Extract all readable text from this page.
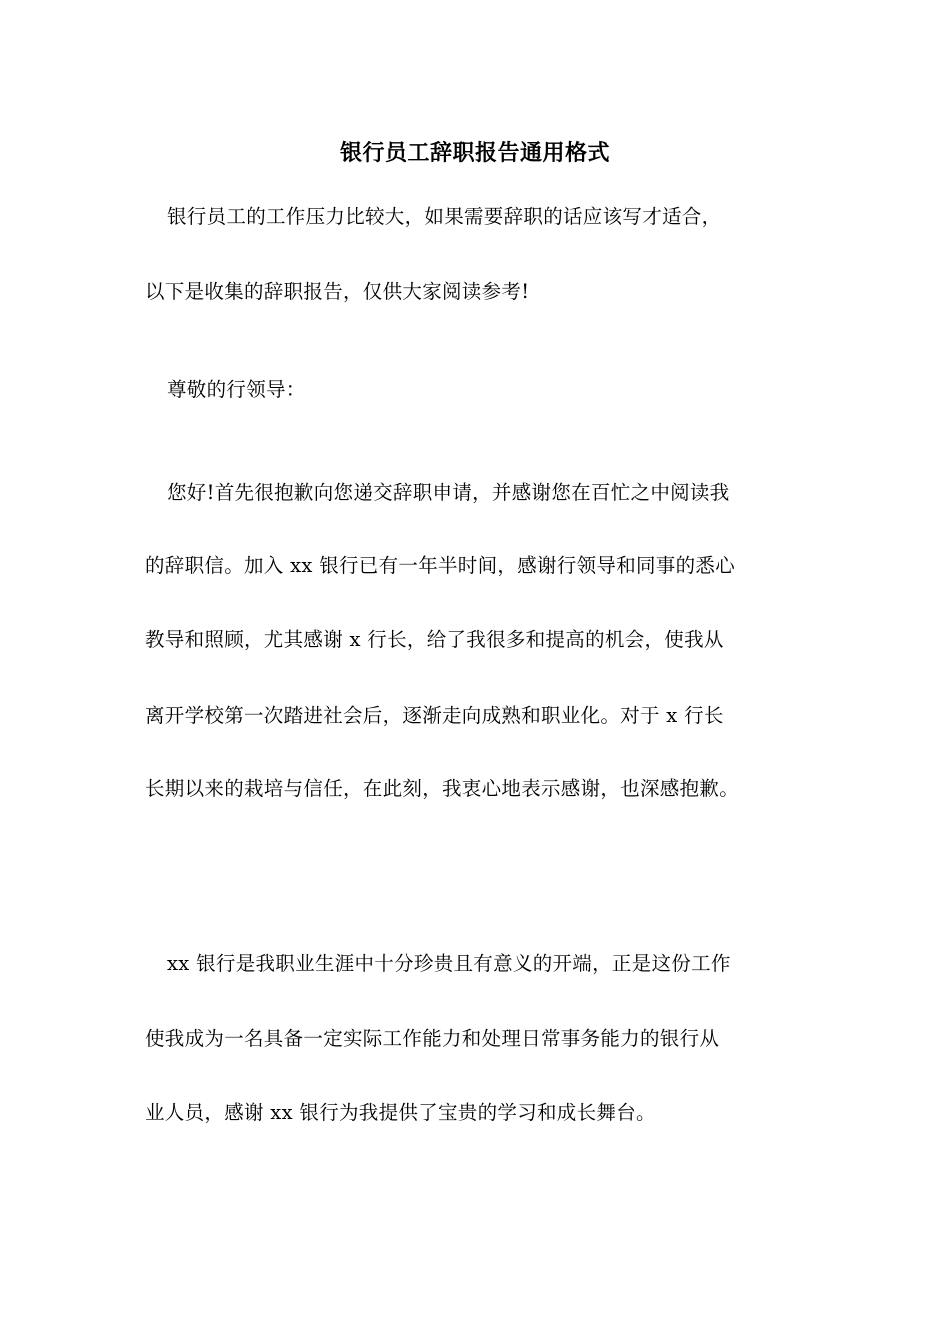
银行员工辞职报告通用格式
银行员工的工作压力比较大，如果需要辞职的话应该写才适合，
以下是收集的辞职报告，仅供大家阅读参考!
尊敬的行领导：
您好!首先很抱歉向您递交辞职申请，并感谢您在百忙之中阅读我
的辞职信。加入 xx 银行已有一年半时间，感谢行领导和同事的悉心
教导和照顾，尤其感谢 x 行长，给了我很多和提高的机会，使我从
离开学校第一次踏进社会后，逐渐走向成熟和职业化。对于 x 行长
长期以来的栽培与信任，在此刻，我衷心地表示感谢，也深感抱歉。
xx 银行是我职业生涯中十分珍贵且有意义的开端，正是这份工作
使我成为一名具备一定实际工作能力和处理日常事务能力的银行从
业人员，感谢 xx 银行为我提供了宝贵的学习和成长舞台。
